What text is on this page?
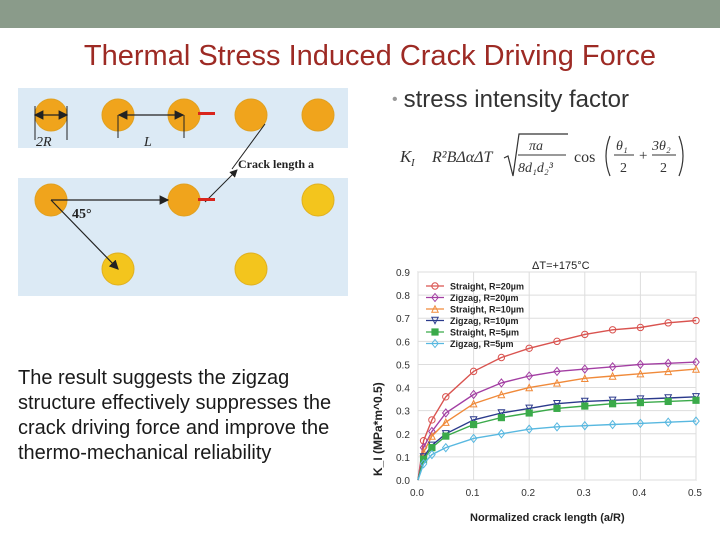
Thermal Stress Induced Crack Driving Force
• stress intensity factor
K I R²BΔαΔT
πa
8d₁d₂³
cos
θ₁
2
+
3θ₂
2
2R	L
Crack length a
45°
ΔT=+175°C
K_I (MPa*m^0.5)
Normalized crack length (a/R)
0.0
0.1
0.2
0.3
0.4
0.5
0.6
0.7
0.8
0.9
0.0	0.1	0.2	0.3	0.4	0.5
Straight, R=20µm
Zigzag, R=20µm
Straight, R=10µm
Zigzag, R=10µm
Straight, R=5µm
Zigzag, R=5µm
The result suggests the zigzag structure effectively suppresses the crack driving force and improve the thermo-mechanical reliability
